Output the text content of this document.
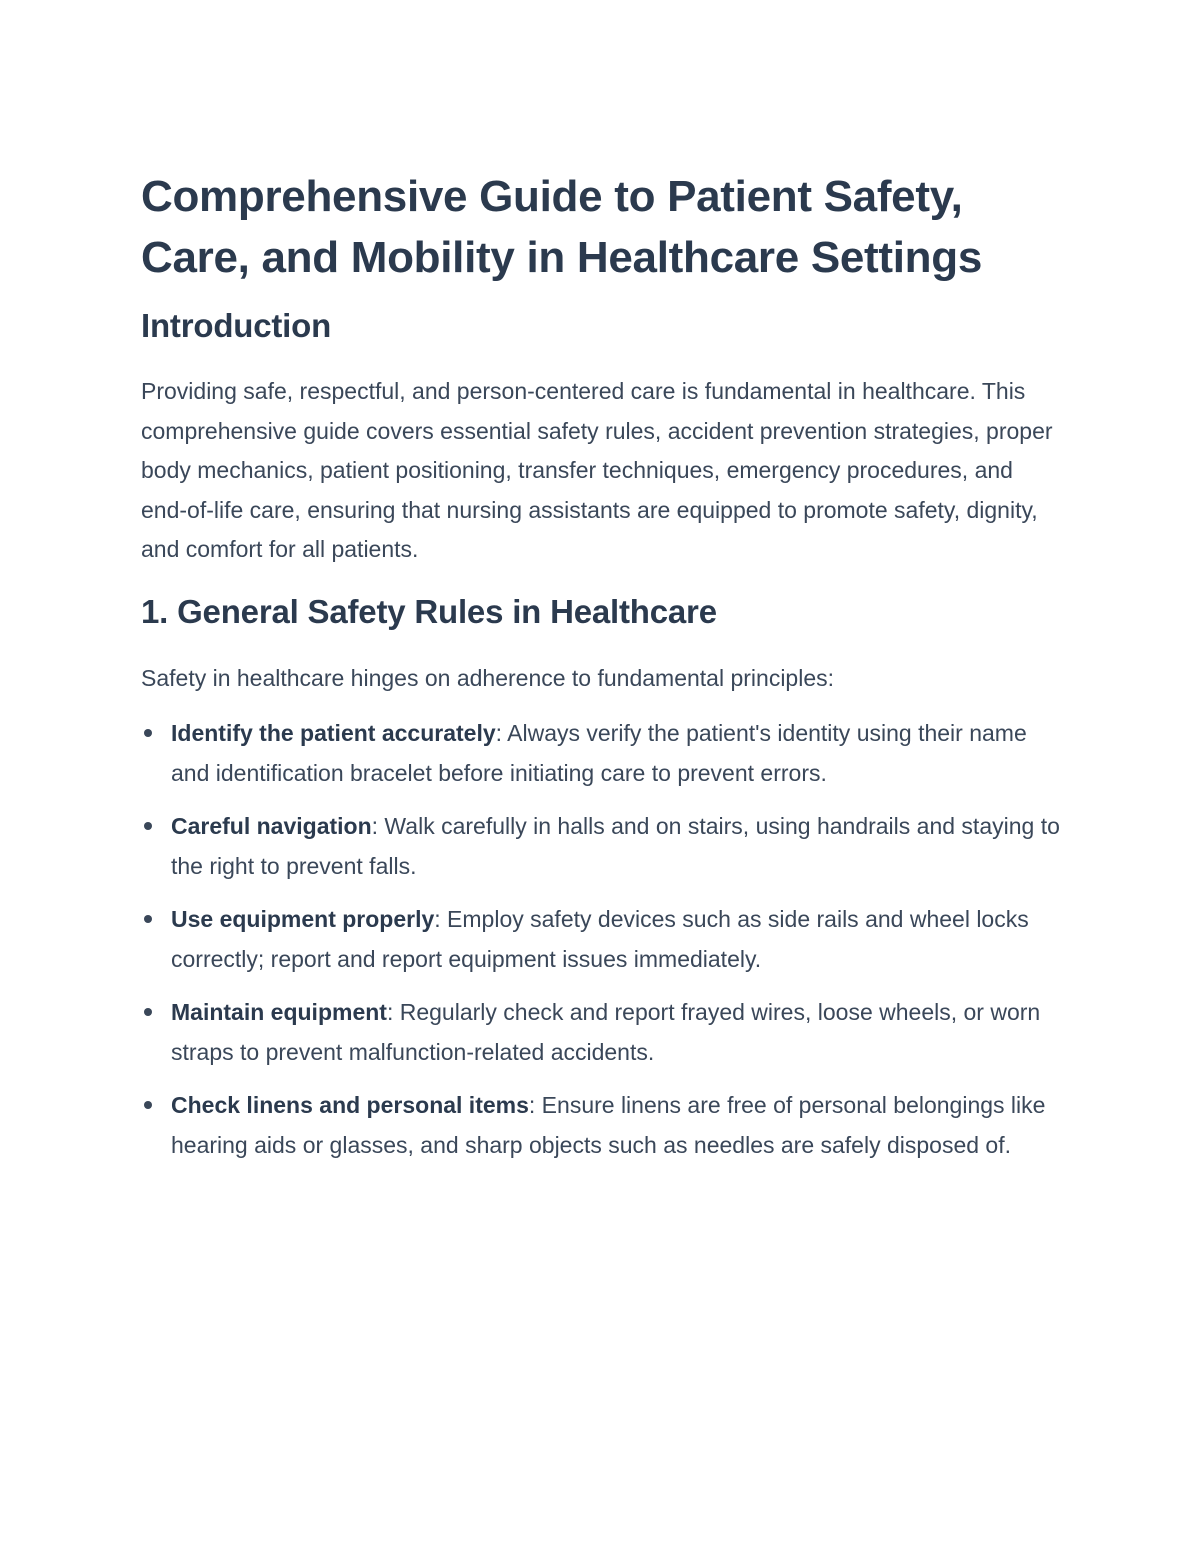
Comprehensive Guide to Patient Safety, Care, and Mobility in Healthcare Settings
Introduction

Providing safe, respectful, and person-centered care is fundamental in healthcare. This comprehensive guide covers essential safety rules, accident prevention strategies, proper body mechanics, patient positioning, transfer techniques, emergency procedures, and end-of-life care, ensuring that nursing assistants are equipped to promote safety, dignity, and comfort for all patients.

1. General Safety Rules in Healthcare

Safety in healthcare hinges on adherence to fundamental principles:

Identify the patient accurately: Always verify the patient's identity using their name and identification bracelet before initiating care to prevent errors.
Careful navigation: Walk carefully in halls and on stairs, using handrails and staying to the right to prevent falls.
Use equipment properly: Employ safety devices such as side rails and wheel locks correctly; report and report equipment issues immediately.
Maintain equipment: Regularly check and report frayed wires, loose wheels, or worn straps to prevent malfunction-related accidents.
Check linens and personal items: Ensure linens are free of personal belongings like hearing aids or glasses, and sharp objects such as needles are safely disposed of.
